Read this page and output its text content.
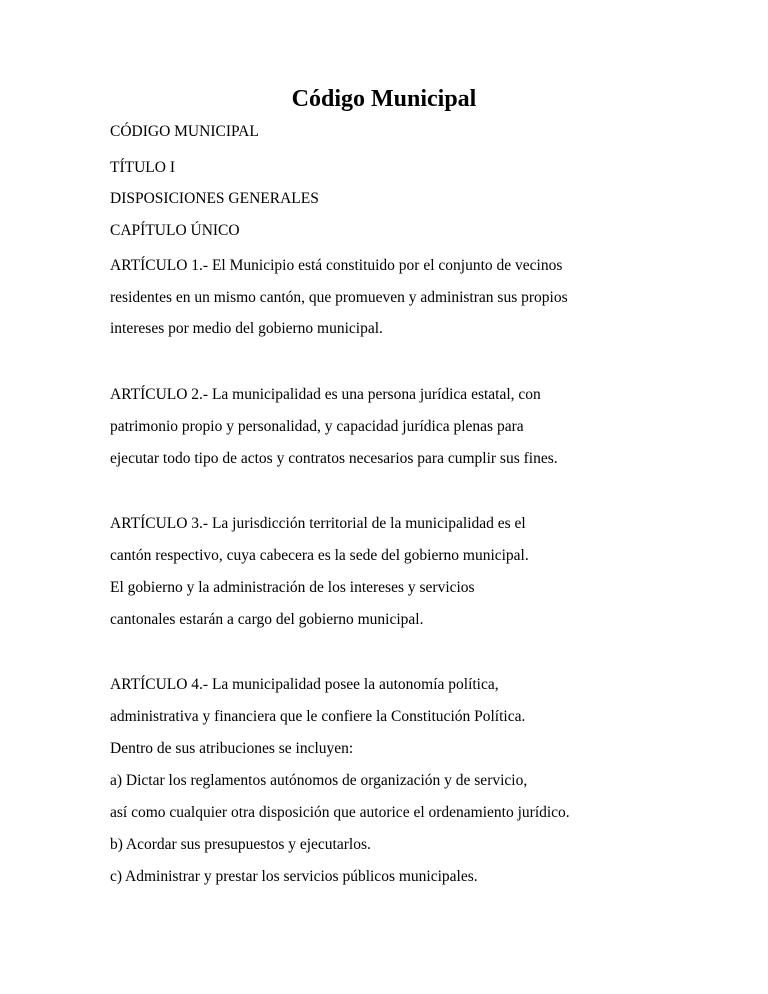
Código Municipal
CÓDIGO MUNICIPAL
TÍTULO I
DISPOSICIONES GENERALES
CAPÍTULO ÚNICO
ARTÍCULO 1.- El Municipio está constituido por el conjunto de vecinos
residentes en un mismo cantón, que promueven y administran sus propios
intereses por medio del gobierno municipal.
ARTÍCULO 2.- La municipalidad es una persona jurídica estatal, con
patrimonio propio y personalidad, y capacidad jurídica plenas para
ejecutar todo tipo de actos y contratos necesarios para cumplir sus fines.
ARTÍCULO 3.- La jurisdicción territorial de la municipalidad es el
cantón respectivo, cuya cabecera es la sede del gobierno municipal.
El gobierno y la administración de los intereses y servicios
cantonales estarán a cargo del gobierno municipal.
ARTÍCULO 4.- La municipalidad posee la autonomía política,
administrativa y financiera que le confiere la Constitución Política.
Dentro de sus atribuciones se incluyen:
a) Dictar los reglamentos autónomos de organización y de servicio,
así como cualquier otra disposición que autorice el ordenamiento jurídico.
b) Acordar sus presupuestos y ejecutarlos.
c) Administrar y prestar los servicios públicos municipales.
